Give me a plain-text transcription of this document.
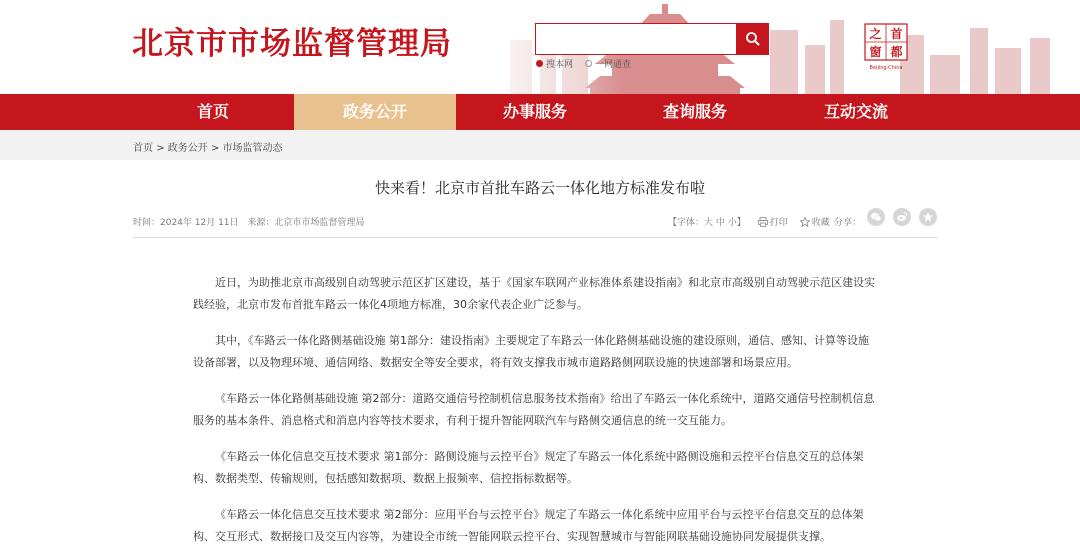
北京市市场监督管理局
搜本网 一网通查
之 首
窗 都
Beijing·China
首页	政务公开	办事服务	查询服务	互动交流
首页 > 政务公开 > 市场监管动态
快来看！北京市首批车路云一体化地方标准发布啦
时间：2024年 12月 11日 来源：北京市市场监督管理局	【字体：大 中 小】	打印	收藏 分享：

近日，为助推北京市高级别自动驾驶示范区扩区建设，基于《国家车联网产业标准体系建设指南》和北京市高级别自动驾驶示范区建设实践经验，北京市发布首批车路云一体化4项地方标准，30余家代表企业广泛参与。

其中，《车路云一体化路侧基础设施 第1部分：建设指南》主要规定了车路云一体化路侧基础设施的建设原则，通信、感知、计算等设施设备部署，以及物理环境、通信网络、数据安全等安全要求，将有效支撑我市城市道路路侧网联设施的快速部署和场景应用。

《车路云一体化路侧基础设施 第2部分：道路交通信号控制机信息服务技术指南》给出了车路云一体化系统中，道路交通信号控制机信息服务的基本条件、消息格式和消息内容等技术要求，有利于提升智能网联汽车与路侧交通信息的统一交互能力。

《车路云一体化信息交互技术要求 第1部分：路侧设施与云控平台》规定了车路云一体化系统中路侧设施和云控平台信息交互的总体架构、数据类型、传输规则，包括感知数据项、数据上报频率、信控指标数据等。

《车路云一体化信息交互技术要求 第2部分：应用平台与云控平台》规定了车路云一体化系统中应用平台与云控平台信息交互的总体架构、交互形式、数据接口及交互内容等，为建设全市统一智能网联云控平台、实现智慧城市与智能网联基础设施协同发展提供支撑。
